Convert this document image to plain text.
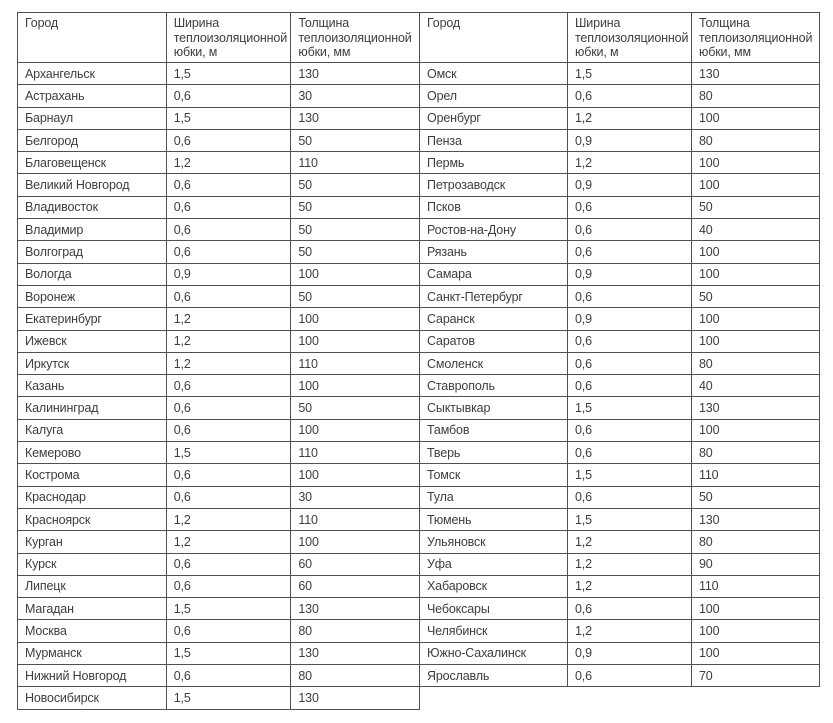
Город	Ширина теплоизоляционной юбки, м	Толщина теплоизоляционной юбки, мм
Архангельск	1,5	130
Астрахань	0,6	30
Барнаул	1,5	130
Белгород	0,6	50
Благовещенск	1,2	110
Великий Новгород	0,6	50
Владивосток	0,6	50
Владимир	0,6	50
Волгоград	0,6	50
Вологда	0,9	100
Воронеж	0,6	50
Екатеринбург	1,2	100
Ижевск	1,2	100
Иркутск	1,2	110
Казань	0,6	100
Калининград	0,6	50
Калуга	0,6	100
Кемерово	1,5	110
Кострома	0,6	100
Краснодар	0,6	30
Красноярск	1,2	110
Курган	1,2	100
Курск	0,6	60
Липецк	0,6	60
Магадан	1,5	130
Москва	0,6	80
Мурманск	1,5	130
Нижний Новгород	0,6	80
Новосибирск	1,5	130
Город	Ширина теплоизоляционной юбки, м	Толщина теплоизоляционной юбки, мм
Омск	1,5	130
Орел	0,6	80
Оренбург	1,2	100
Пенза	0,9	80
Пермь	1,2	100
Петрозаводск	0,9	100
Псков	0,6	50
Ростов-на-Дону	0,6	40
Рязань	0,6	100
Самара	0,9	100
Санкт-Петербург	0,6	50
Саранск	0,9	100
Саратов	0,6	100
Смоленск	0,6	80
Ставрополь	0,6	40
Сыктывкар	1,5	130
Тамбов	0,6	100
Тверь	0,6	80
Томск	1,5	110
Тула	0,6	50
Тюмень	1,5	130
Ульяновск	1,2	80
Уфа	1,2	90
Хабаровск	1,2	110
Чебоксары	0,6	100
Челябинск	1,2	100
Южно-Сахалинск	0,9	100
Ярославль	0,6	70
